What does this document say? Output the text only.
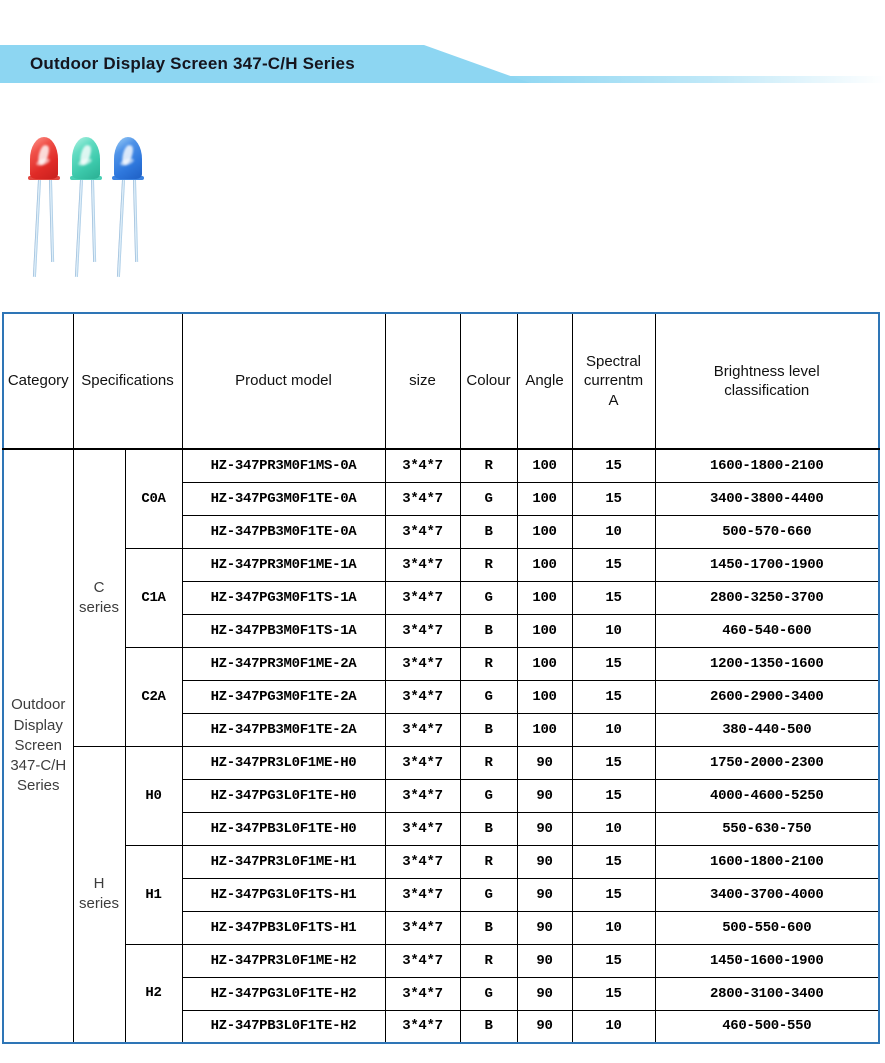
Outdoor Display Screen 347-C/H Series
Category	Specifications		Product model	size	Colour	Angle	Spectral currentm A	Brightness level classification
Outdoor Display Screen 347-C/H Series	C series	C0A	HZ-347PR3M0F1MS-0A	3*4*7	R	100	15	1600-1800-2100
			HZ-347PG3M0F1TE-0A	3*4*7	G	100	15	3400-3800-4400
			HZ-347PB3M0F1TE-0A	3*4*7	B	100	10	500-570-660
		C1A	HZ-347PR3M0F1ME-1A	3*4*7	R	100	15	1450-1700-1900
			HZ-347PG3M0F1TS-1A	3*4*7	G	100	15	2800-3250-3700
			HZ-347PB3M0F1TS-1A	3*4*7	B	100	10	460-540-600
		C2A	HZ-347PR3M0F1ME-2A	3*4*7	R	100	15	1200-1350-1600
			HZ-347PG3M0F1TE-2A	3*4*7	G	100	15	2600-2900-3400
			HZ-347PB3M0F1TE-2A	3*4*7	B	100	10	380-440-500
	H series	H0	HZ-347PR3L0F1ME-H0	3*4*7	R	90	15	1750-2000-2300
			HZ-347PG3L0F1TE-H0	3*4*7	G	90	15	4000-4600-5250
			HZ-347PB3L0F1TE-H0	3*4*7	B	90	10	550-630-750
		H1	HZ-347PR3L0F1ME-H1	3*4*7	R	90	15	1600-1800-2100
			HZ-347PG3L0F1TS-H1	3*4*7	G	90	15	3400-3700-4000
			HZ-347PB3L0F1TS-H1	3*4*7	B	90	10	500-550-600
		H2	HZ-347PR3L0F1ME-H2	3*4*7	R	90	15	1450-1600-1900
			HZ-347PG3L0F1TE-H2	3*4*7	G	90	15	2800-3100-3400
			HZ-347PB3L0F1TE-H2	3*4*7	B	90	10	460-500-550
